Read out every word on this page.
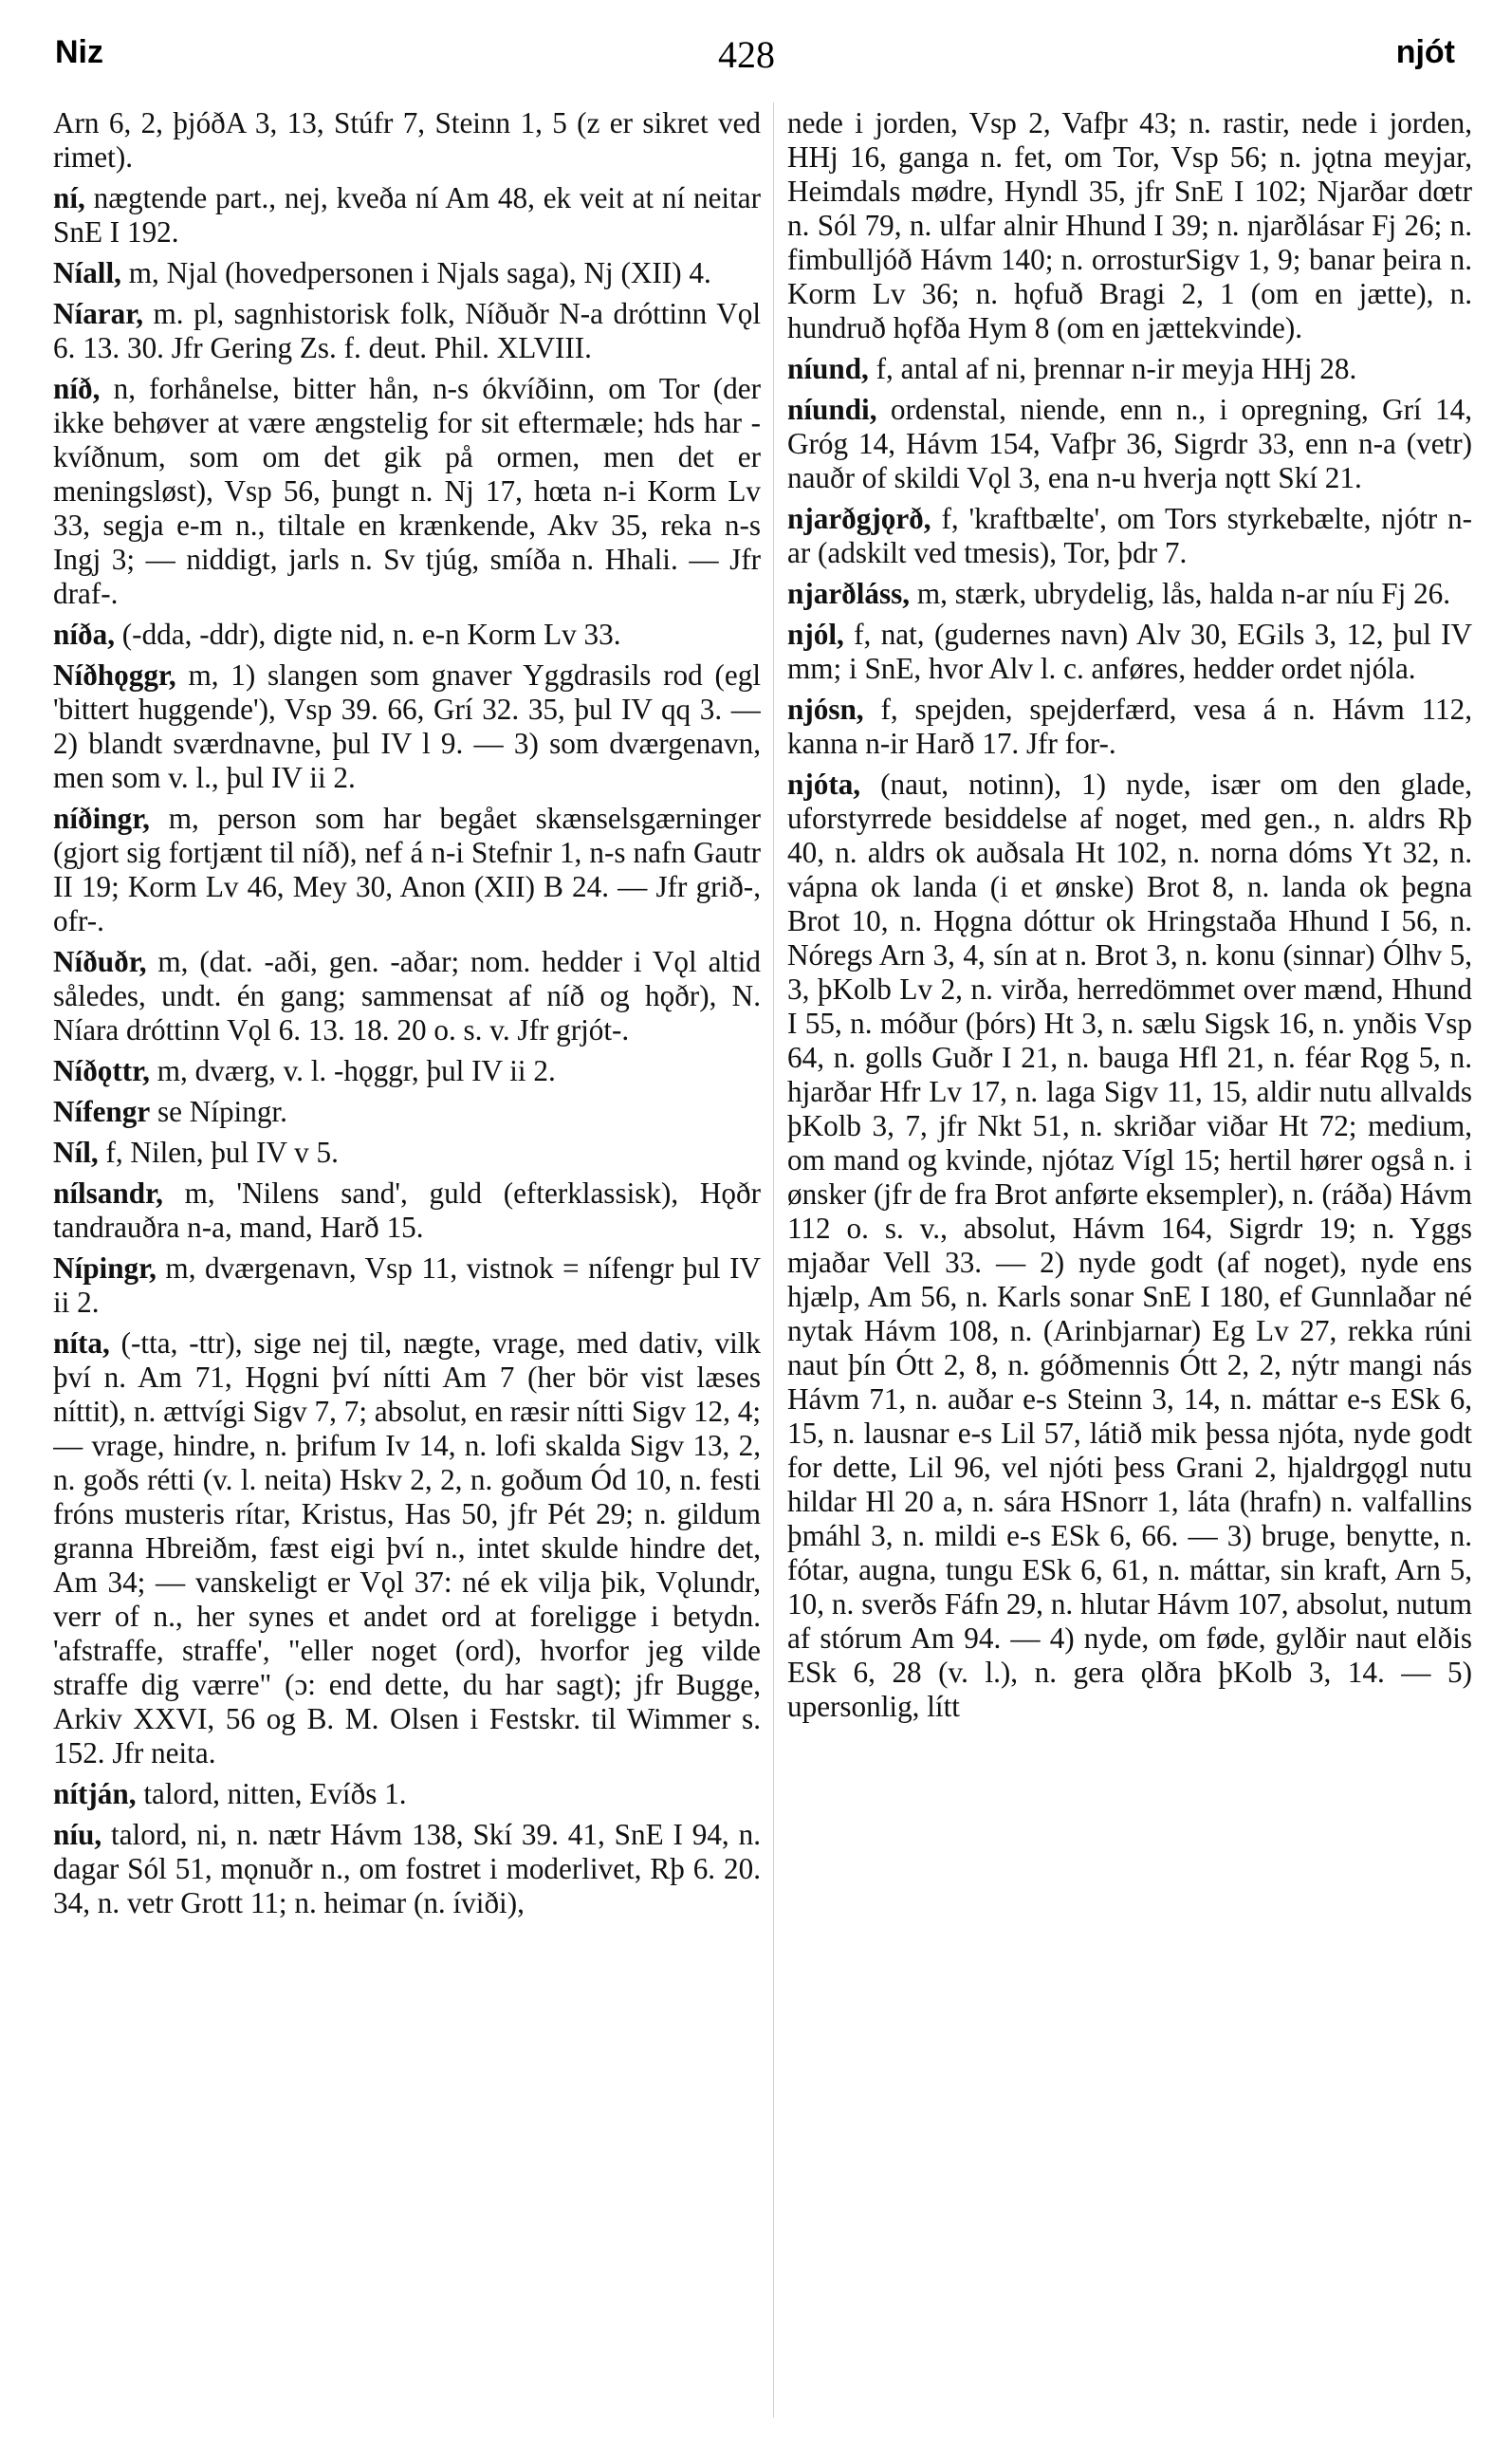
Niz	428	njót

Arn 6, 2, þjóðA 3, 13, Stúfr 7, Steinn 1, 5 (z er sikret ved rimet).

ní, nægtende part., nej, kveða ní Am 48, ek veit at ní neitar SnE I 192.

Níall, m, Njal (hovedpersonen i Njals saga), Nj (XII) 4.

Níarar, m. pl, sagnhistorisk folk, Níðuðr N-a dróttinn Vǫl 6. 13. 30. Jfr Gering Zs. f. deut. Phil. XLVIII.

níð, n, forhånelse, bitter hån, n-s ókvíðinn, om Tor (der ikke behøver at være ængstelig for sit eftermæle; hds har -kvíðnum, som om det gik på ormen, men det er meningsløst), Vsp 56, þungt n. Nj 17, hœta n-i Korm Lv 33, segja e-m n., tiltale en krænkende, Akv 35, reka n-s Ingj 3; — niddigt, jarls n. Sv tjúg, smíða n. Hhali. — Jfr draf-.

níða, (-dda, -ddr), digte nid, n. e-n Korm Lv 33.

Níðhǫggr, m, 1) slangen som gnaver Yggdrasils rod (egl 'bittert huggende'), Vsp 39. 66, Grí 32. 35, þul IV qq 3. — 2) blandt sværdnavne, þul IV l 9. — 3) som dværgenavn, men som v. l., þul IV ii 2.

níðingr, m, person som har begået skænselsgærninger (gjort sig fortjænt til níð), nef á n-i Stefnir 1, n-s nafn Gautr II 19; Korm Lv 46, Mey 30, Anon (XII) B 24. — Jfr grið-, ofr-.

Níðuðr, m, (dat. -aði, gen. -aðar; nom. hedder i Vǫl altid således, undt. én gang; sammensat af níð og hǫðr), N. Níara dróttinn Vǫl 6. 13. 18. 20 o. s. v. Jfr grjót-.

Níðǫttr, m, dværg, v. l. -hǫggr, þul IV ii 2.

Nífengr se Nípingr.

Níl, f, Nilen, þul IV v 5.

nílsandr, m, 'Nilens sand', guld (efterklassisk), Hǫðr tandrauðra n-a, mand, Harð 15.

Nípingr, m, dværgenavn, Vsp 11, vistnok = nífengr þul IV ii 2.

níta, (-tta, -ttr), sige nej til, nægte, vrage, med dativ, vilk því n. Am 71, Hǫgni því nítti Am 7 (her bör vist læses níttit), n. ættvígi Sigv 7, 7; absolut, en ræsir nítti Sigv 12, 4; — vrage, hindre, n. þrifum Iv 14, n. lofi skalda Sigv 13, 2, n. goðs rétti (v. l. neita) Hskv 2, 2, n. goðum Ód 10, n. festi fróns musteris rítar, Kristus, Has 50, jfr Pét 29; n. gildum granna Hbreiðm, fæst eigi því n., intet skulde hindre det, Am 34; — vanskeligt er Vǫl 37: né ek vilja þik, Vǫlundr, verr of n., her synes et andet ord at foreligge i betydn. 'afstraffe, straffe', "eller noget (ord), hvorfor jeg vilde straffe dig værre" (ɔ: end dette, du har sagt); jfr Bugge, Arkiv XXVI, 56 og B. M. Olsen i Festskr. til Wimmer s. 152. Jfr neita.

nítján, talord, nitten, Evíðs 1.

níu, talord, ni, n. nætr Hávm 138, Skí 39. 41, SnE I 94, n. dagar Sól 51, mǫnuðr n., om fostret i moderlivet, Rþ 6. 20. 34, n. vetr Grott 11; n. heimar (n. íviði),

nede i jorden, Vsp 2, Vafþr 43; n. rastir, nede i jorden, HHj 16, ganga n. fet, om Tor, Vsp 56; n. jǫtna meyjar, Heimdals mødre, Hyndl 35, jfr SnE I 102; Njarðar dœtr n. Sól 79, n. ulfar alnir Hhund I 39; n. njarðlásar Fj 26; n. fimbulljóð Hávm 140; n. orrosturSigv 1, 9; banar þeira n. Korm Lv 36; n. hǫfuð Bragi 2, 1 (om en jætte), n. hundruð hǫfða Hym 8 (om en jættekvinde).

níund, f, antal af ni, þrennar n-ir meyja HHj 28.

níundi, ordenstal, niende, enn n., i opregning, Grí 14, Gróg 14, Hávm 154, Vafþr 36, Sigrdr 33, enn n-a (vetr) nauðr of skildi Vǫl 3, ena n-u hverja nǫtt Skí 21.

njarðgjǫrð, f, 'kraftbælte', om Tors styrkebælte, njótr n-ar (adskilt ved tmesis), Tor, þdr 7.

njarðláss, m, stærk, ubrydelig, lås, halda n-ar níu Fj 26.

njól, f, nat, (gudernes navn) Alv 30, EGils 3, 12, þul IV mm; i SnE, hvor Alv l. c. anføres, hedder ordet njóla.

njósn, f, spejden, spejderfærd, vesa á n. Hávm 112, kanna n-ir Harð 17. Jfr for-.

njóta, (naut, notinn), 1) nyde, især om den glade, uforstyrrede besiddelse af noget, med gen., n. aldrs Rþ 40, n. aldrs ok auðsala Ht 102, n. norna dóms Yt 32, n. vápna ok landa (i et ønske) Brot 8, n. landa ok þegna Brot 10, n. Hǫgna dóttur ok Hringstaða Hhund I 56, n. Nóregs Arn 3, 4, sín at n. Brot 3, n. konu (sinnar) Ólhv 5, 3, þKolb Lv 2, n. virða, herredömmet over mænd, Hhund I 55, n. móður (þórs) Ht 3, n. sælu Sigsk 16, n. ynðis Vsp 64, n. golls Guðr I 21, n. bauga Hfl 21, n. féar Rǫg 5, n. hjarðar Hfr Lv 17, n. laga Sigv 11, 15, aldir nutu allvalds þKolb 3, 7, jfr Nkt 51, n. skriðar viðar Ht 72; medium, om mand og kvinde, njótaz Vígl 15; hertil hører også n. i ønsker (jfr de fra Brot anførte eksempler), n. (ráða) Hávm 112 o. s. v., absolut, Hávm 164, Sigrdr 19; n. Yggs mjaðar Vell 33. — 2) nyde godt (af noget), nyde ens hjælp, Am 56, n. Karls sonar SnE I 180, ef Gunnlaðar né nytak Hávm 108, n. (Arinbjarnar) Eg Lv 27, rekka rúni naut þín Ótt 2, 8, n. góðmennis Ótt 2, 2, nýtr mangi nás Hávm 71, n. auðar e-s Steinn 3, 14, n. máttar e-s ESk 6, 15, n. lausnar e-s Lil 57, látið mik þessa njóta, nyde godt for dette, Lil 96, vel njóti þess Grani 2, hjaldrgǫgl nutu hildar Hl 20 a, n. sára HSnorr 1, láta (hrafn) n. valfallins þmáhl 3, n. mildi e-s ESk 6, 66. — 3) bruge, benytte, n. fótar, augna, tungu ESk 6, 61, n. máttar, sin kraft, Arn 5, 10, n. sverðs Fáfn 29, n. hlutar Hávm 107, absolut, nutum af stórum Am 94. — 4) nyde, om føde, gylðir naut elðis ESk 6, 28 (v. l.), n. gera ǫlðra þKolb 3, 14. — 5) upersonlig, lítt
